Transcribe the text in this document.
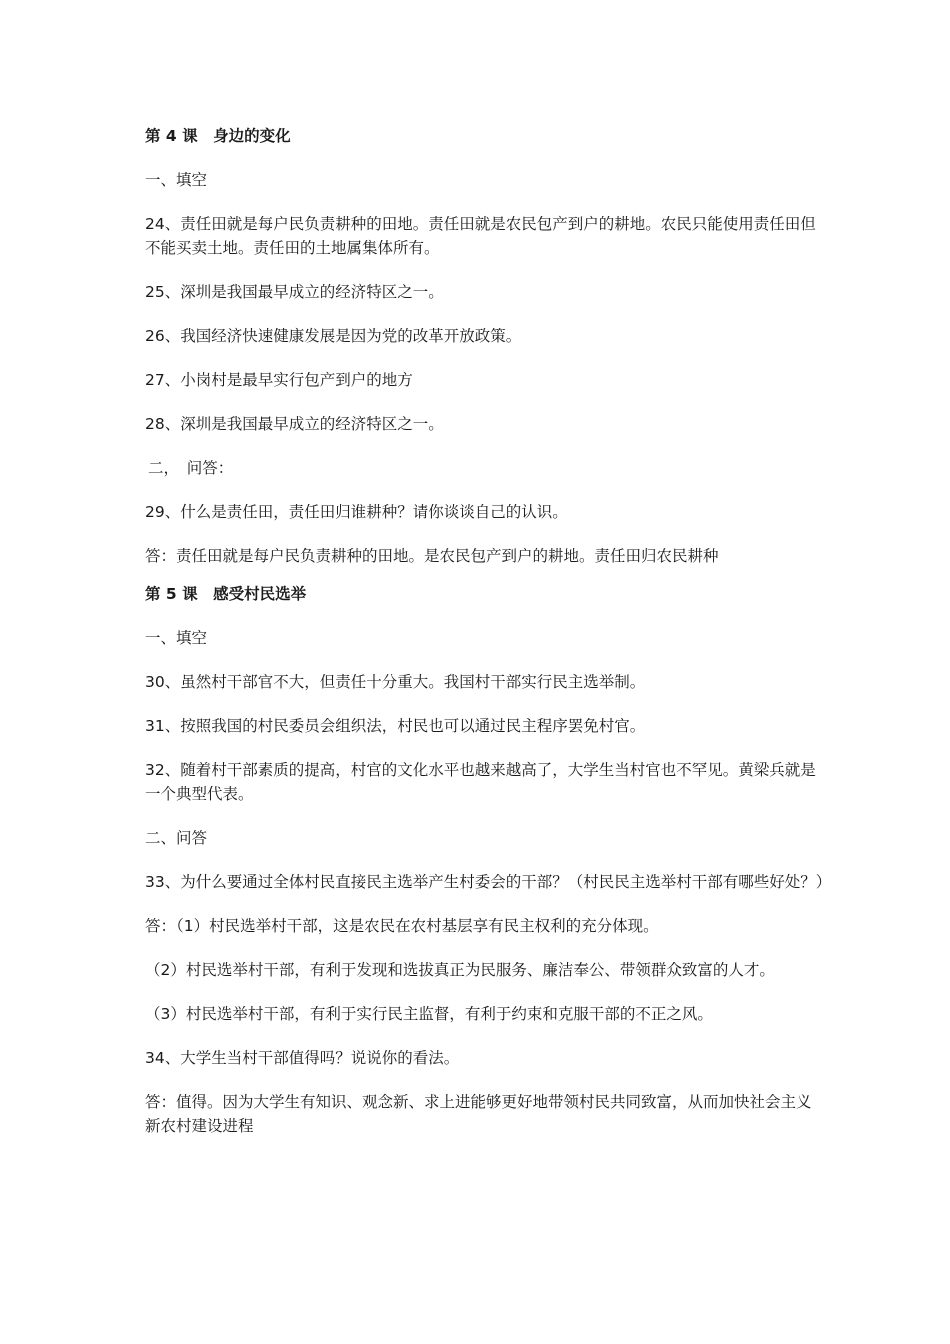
第 4 课　身边的变化
一、填空
24、责任田就是每户民负责耕种的田地。责任田就是农民包产到户的耕地。农民只能使用责任田但不能买卖土地。责任田的土地属集体所有。
25、深圳是我国最早成立的经济特区之一。
26、我国经济快速健康发展是因为党的改革开放政策。
27、小岗村是最早实行包产到户的地方
28、深圳是我国最早成立的经济特区之一。
二，　问答：
29、什么是责任田，责任田归谁耕种？请你谈谈自己的认识。
答：责任田就是每户民负责耕种的田地。是农民包产到户的耕地。责任田归农民耕种
第 5 课　感受村民选举
一、填空
30、虽然村干部官不大，但责任十分重大。我国村干部实行民主选举制。
31、按照我国的村民委员会组织法，村民也可以通过民主程序罢免村官。
32、随着村干部素质的提高，村官的文化水平也越来越高了，大学生当村官也不罕见。黄梁兵就是一个典型代表。
二、问答
33、为什么要通过全体村民直接民主选举产生村委会的干部？（村民民主选举村干部有哪些好处？）
答：（1）村民选举村干部，这是农民在农村基层享有民主权利的充分体现。
（2）村民选举村干部，有利于发现和选拔真正为民服务、廉洁奉公、带领群众致富的人才。
（3）村民选举村干部，有利于实行民主监督，有利于约束和克服干部的不正之风。
34、大学生当村干部值得吗？说说你的看法。
答：值得。因为大学生有知识、观念新、求上进能够更好地带领村民共同致富，从而加快社会主义新农村建设进程
